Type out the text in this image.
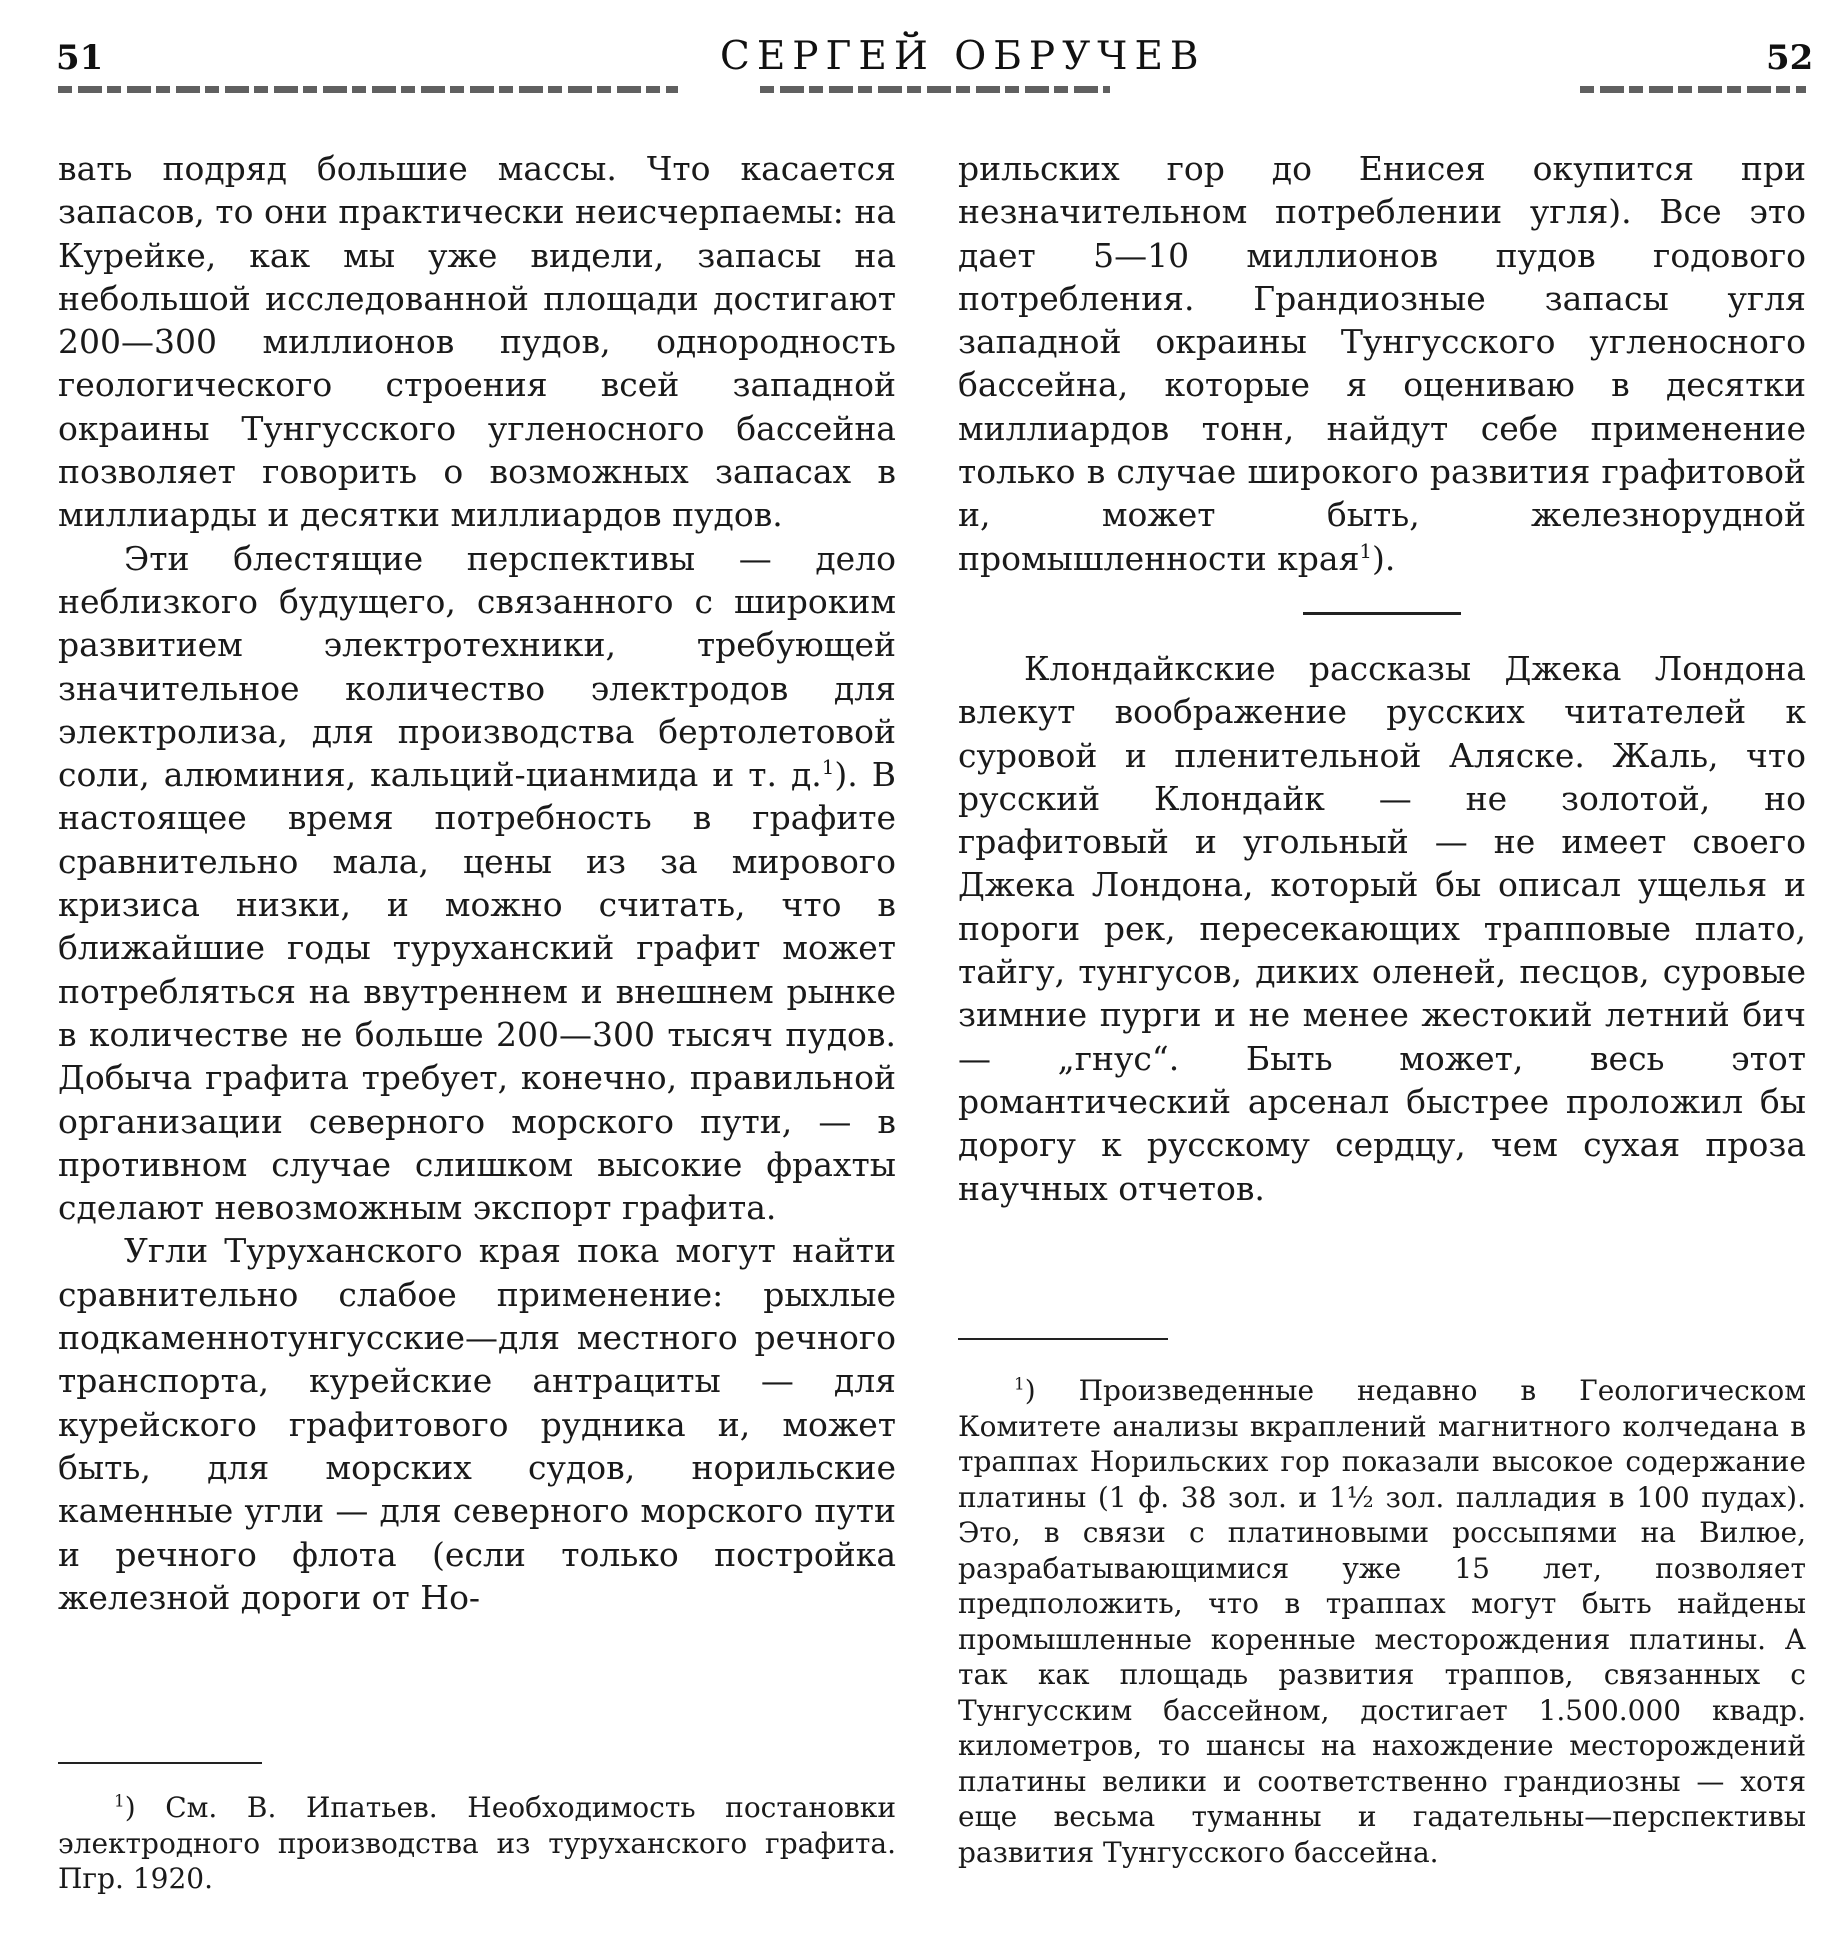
51	СЕРГЕЙ ОБРУЧЕВ	52

вать подряд большие массы. Что касается запасов, то они практически неисчерпаемы: на Курейке, как мы уже видели, запасы на небольшой исследованной площади достигают 200—300 миллионов пудов, однородность геологического строения всей западной окраины Тунгусского угленосного бассейна позволяет говорить о возможных запасах в миллиарды и десятки миллиардов пудов.

Эти блестящие перспективы — дело неблизкого будущего, связанного с широким развитием электротехники, требующей значительное количество электродов для электролиза, для производства бертолетовой соли, алюминия, кальций-цианмида и т. д.$^1$). В настоящее время потребность в графите сравнительно мала, цены из за мирового кризиса низки, и можно считать, что в ближайшие годы туруханский графит может потребляться на ввутреннем и внешнем рынке в количестве не больше 200—300 тысяч пудов. Добыча графита требует, конечно, правильной организации северного морского пути, — в противном случае слишком высокие фрахты сделают невозможным экспорт графита.

Угли Туруханского края пока могут найти сравнительно слабое применение: рыхлые подкаменнотунгусские—для местного речного транспорта, курейские антрациты — для курейского графитового рудника и, может быть, для морских судов, норильские каменные угли — для северного морского пути и речного флота (если только постройка железной дороги от Но-

$^1$) См. В. Ипатьев. Необходимость постановки электродного производства из туруханского графита. Пгр. 1920.

рильских гор до Енисея окупится при незначительном потреблении угля). Все это дает 5—10 миллионов пудов годового потребления. Грандиозные запасы угля западной окраины Тунгусского угленосного бассейна, которые я оцениваю в десятки миллиардов тонн, найдут себе применение только в случае широкого развития графитовой и, может быть, железнорудной промышленности края$^1$).

Клондайкские рассказы Джека Лондона влекут воображение русских читателей к суровой и пленительной Аляске. Жаль, что русский Клондайк — не золотой, но графитовый и угольный — не имеет своего Джека Лондона, который бы описал ущелья и пороги рек, пересекающих трапповые плато, тайгу, тунгусов, диких оленей, песцов, суровые зимние пурги и не менее жестокий летний бич — „гнус“. Быть может, весь этот романтический арсенал быстрее проложил бы дорогу к русскому сердцу, чем сухая проза научных отчетов.

$^1$) Произведенные недавно в Геологическом Комитете анализы вкраплений магнитного колчедана в траппах Норильских гор показали высокое содержание платины (1 ф. 38 зол. и 1½ зол. палладия в 100 пудах). Это, в связи с платиновыми россыпями на Вилюе, разрабатывающимися уже 15 лет, позволяет предположить, что в траппах могут быть найдены промышленные коренные месторождения платины. А так как площадь развития траппов, связанных с Тунгусским бассейном, достигает 1.500.000 квадр. километров, то шансы на нахождение месторождений платины велики и соответственно грандиозны — хотя еще весьма туманны и гадательны—перспективы развития Тунгусского бассейна.
